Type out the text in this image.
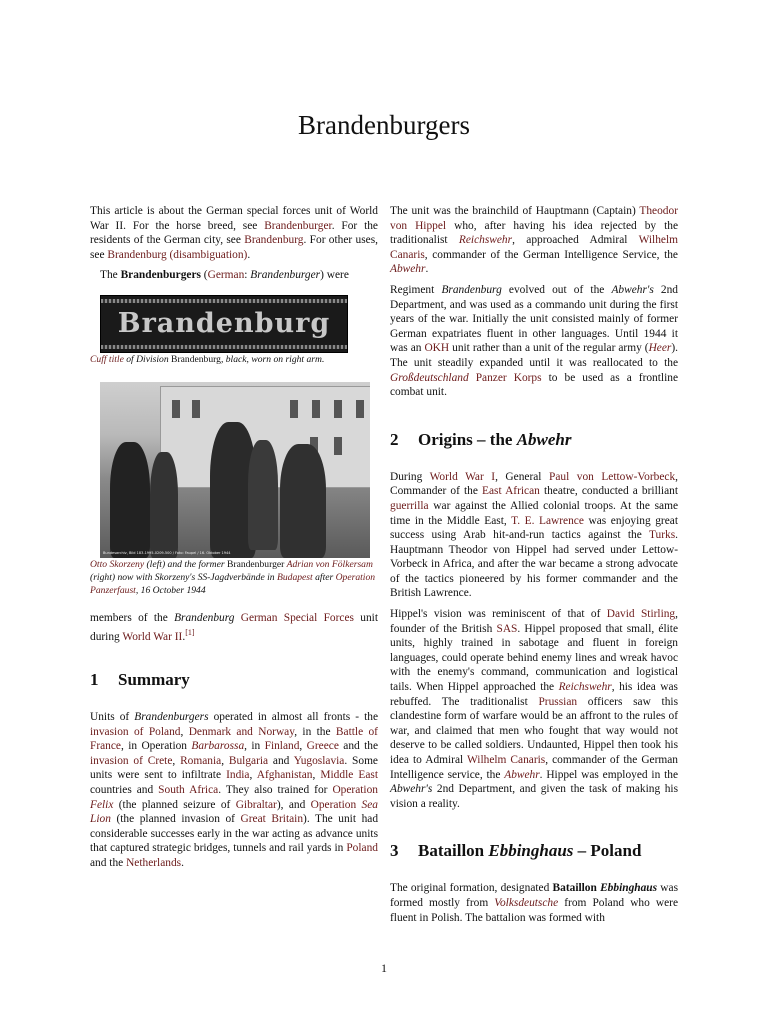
Brandenburgers

This article is about the German special forces unit of World War II. For the horse breed, see Brandenburger. For the residents of the German city, see Brandenburg. For other uses, see Brandenburg (disambiguation).

The Brandenburgers (German: Brandenburger) were

Brandenburg

Cuff title of Division Brandenburg, black, worn on right arm.

Bundesarchiv, Bild 183-1995-0209-500 / Foto: Faupel / 16. Oktober 1944

Otto Skorzeny (left) and the former Brandenburger Adrian von Fölkersam (right) now with Skorzeny's SS-Jagdverbände in Budapest after Operation Panzerfaust, 16 October 1944

members of the Brandenburg German Special Forces unit during World War II.[1]

1 Summary

Units of Brandenburgers operated in almost all fronts - the invasion of Poland, Denmark and Norway, in the Battle of France, in Operation Barbarossa, in Finland, Greece and the invasion of Crete, Romania, Bulgaria and Yugoslavia. Some units were sent to infiltrate India, Afghanistan, Middle East countries and South Africa. They also trained for Operation Felix (the planned seizure of Gibraltar), and Operation Sea Lion (the planned invasion of Great Britain). The unit had considerable successes early in the war acting as advance units that captured strategic bridges, tunnels and rail yards in Poland and the Netherlands.

The unit was the brainchild of Hauptmann (Captain) Theodor von Hippel who, after having his idea rejected by the traditionalist Reichswehr, approached Admiral Wilhelm Canaris, commander of the German Intelligence Service, the Abwehr.

Regiment Brandenburg evolved out of the Abwehr's 2nd Department, and was used as a commando unit during the first years of the war. Initially the unit consisted mainly of former German expatriates fluent in other languages. Until 1944 it was an OKH unit rather than a unit of the regular army (Heer). The unit steadily expanded until it was reallocated to the Großdeutschland Panzer Korps to be used as a frontline combat unit.

2 Origins – the Abwehr

During World War I, General Paul von Lettow-Vorbeck, Commander of the East African theatre, conducted a brilliant guerrilla war against the Allied colonial troops. At the same time in the Middle East, T. E. Lawrence was enjoying great success using Arab hit-and-run tactics against the Turks. Hauptmann Theodor von Hippel had served under Lettow-Vorbeck in Africa, and after the war became a strong advocate of the tactics pioneered by his former commander and the British Lawrence.

Hippel's vision was reminiscent of that of David Stirling, founder of the British SAS. Hippel proposed that small, élite units, highly trained in sabotage and fluent in foreign languages, could operate behind enemy lines and wreak havoc with the enemy's command, communication and logistical tails. When Hippel approached the Reichswehr, his idea was rebuffed. The traditionalist Prussian officers saw this clandestine form of warfare would be an affront to the rules of war, and claimed that men who fought that way would not deserve to be called soldiers. Undaunted, Hippel then took his idea to Admiral Wilhelm Canaris, commander of the German Intelligence service, the Abwehr. Hippel was employed in the Abwehr's 2nd Department, and given the task of making his vision a reality.

3 Bataillon Ebbinghaus – Poland

The original formation, designated Bataillon Ebbinghaus was formed mostly from Volksdeutsche from Poland who were fluent in Polish. The battalion was formed with

1
